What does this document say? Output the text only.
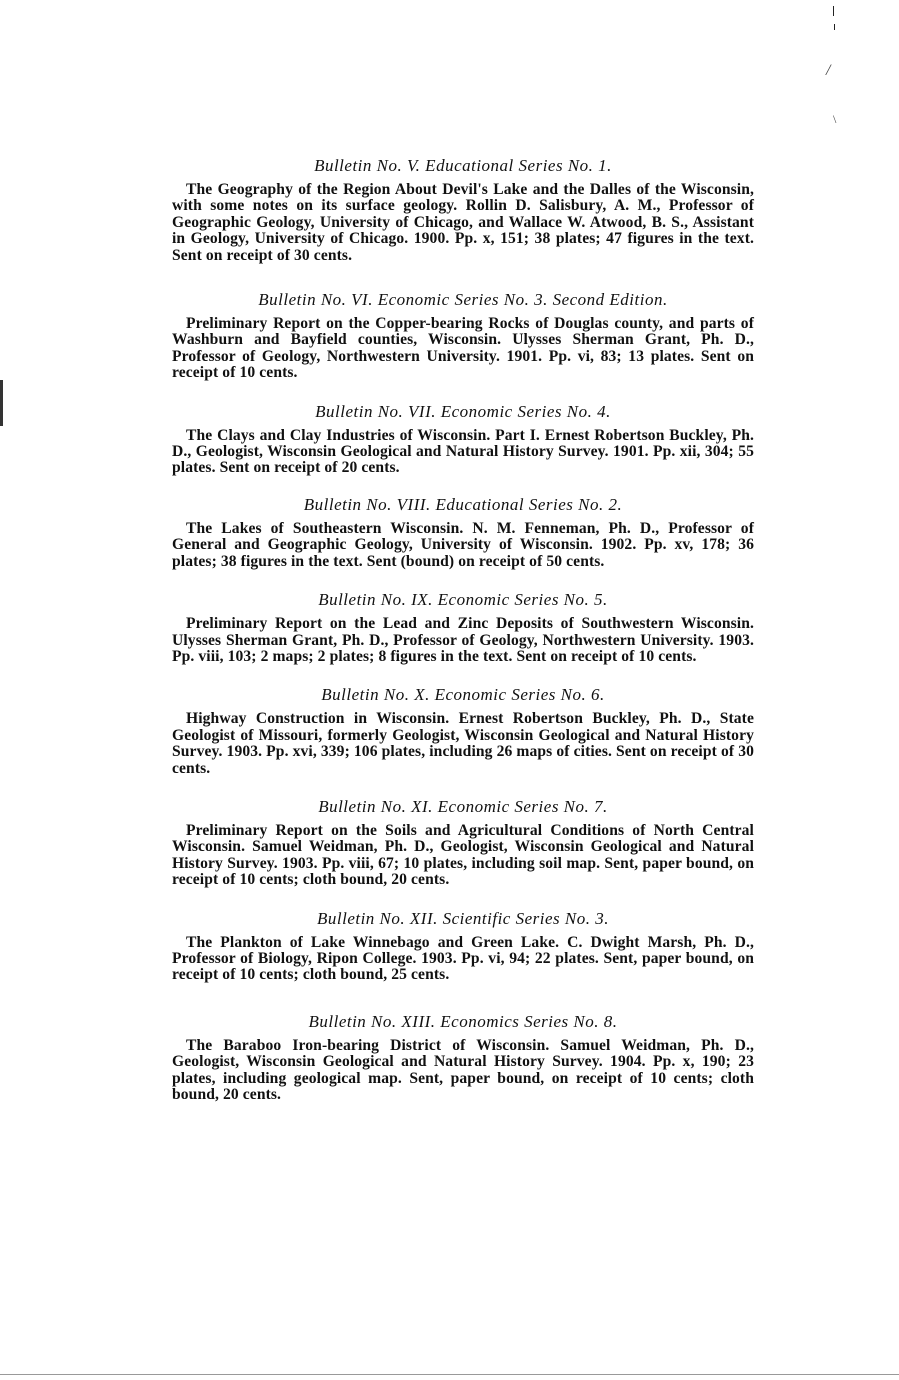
/
\

Bulletin No. V. Educational Series No. 1.

The Geography of the Region About Devil's Lake and the Dalles of the Wisconsin, with some notes on its surface geology. Rollin D. Salisbury, A. M., Professor of Geographic Geology, University of Chicago, and Wallace W. Atwood, B. S., Assistant in Geology, University of Chicago. 1900. Pp. x, 151; 38 plates; 47 figures in the text. Sent on receipt of 30 cents.

Bulletin No. VI. Economic Series No. 3. Second Edition.

Preliminary Report on the Copper-bearing Rocks of Douglas county, and parts of Washburn and Bayfield counties, Wisconsin. Ulysses Sherman Grant, Ph. D., Professor of Geology, Northwestern University. 1901. Pp. vi, 83; 13 plates. Sent on receipt of 10 cents.

Bulletin No. VII. Economic Series No. 4.

The Clays and Clay Industries of Wisconsin. Part I. Ernest Robertson Buckley, Ph. D., Geologist, Wisconsin Geological and Natural History Survey. 1901. Pp. xii, 304; 55 plates. Sent on receipt of 20 cents.

Bulletin No. VIII. Educational Series No. 2.

The Lakes of Southeastern Wisconsin. N. M. Fenneman, Ph. D., Professor of General and Geographic Geology, University of Wisconsin. 1902. Pp. xv, 178; 36 plates; 38 figures in the text. Sent (bound) on receipt of 50 cents.

Bulletin No. IX. Economic Series No. 5.

Preliminary Report on the Lead and Zinc Deposits of Southwestern Wisconsin. Ulysses Sherman Grant, Ph. D., Professor of Geology, Northwestern University. 1903. Pp. viii, 103; 2 maps; 2 plates; 8 figures in the text. Sent on receipt of 10 cents.

Bulletin No. X. Economic Series No. 6.

Highway Construction in Wisconsin. Ernest Robertson Buckley, Ph. D., State Geologist of Missouri, formerly Geologist, Wisconsin Geological and Natural History Survey. 1903. Pp. xvi, 339; 106 plates, including 26 maps of cities. Sent on receipt of 30 cents.

Bulletin No. XI. Economic Series No. 7.

Preliminary Report on the Soils and Agricultural Conditions of North Central Wisconsin. Samuel Weidman, Ph. D., Geologist, Wisconsin Geological and Natural History Survey. 1903. Pp. viii, 67; 10 plates, including soil map. Sent, paper bound, on receipt of 10 cents; cloth bound, 20 cents.

Bulletin No. XII. Scientific Series No. 3.

The Plankton of Lake Winnebago and Green Lake. C. Dwight Marsh, Ph. D., Professor of Biology, Ripon College. 1903. Pp. vi, 94; 22 plates. Sent, paper bound, on receipt of 10 cents; cloth bound, 25 cents.

Bulletin No. XIII. Economics Series No. 8.

The Baraboo Iron-bearing District of Wisconsin. Samuel Weidman, Ph. D., Geologist, Wisconsin Geological and Natural History Survey. 1904. Pp. x, 190; 23 plates, including geological map. Sent, paper bound, on receipt of 10 cents; cloth bound, 20 cents.
